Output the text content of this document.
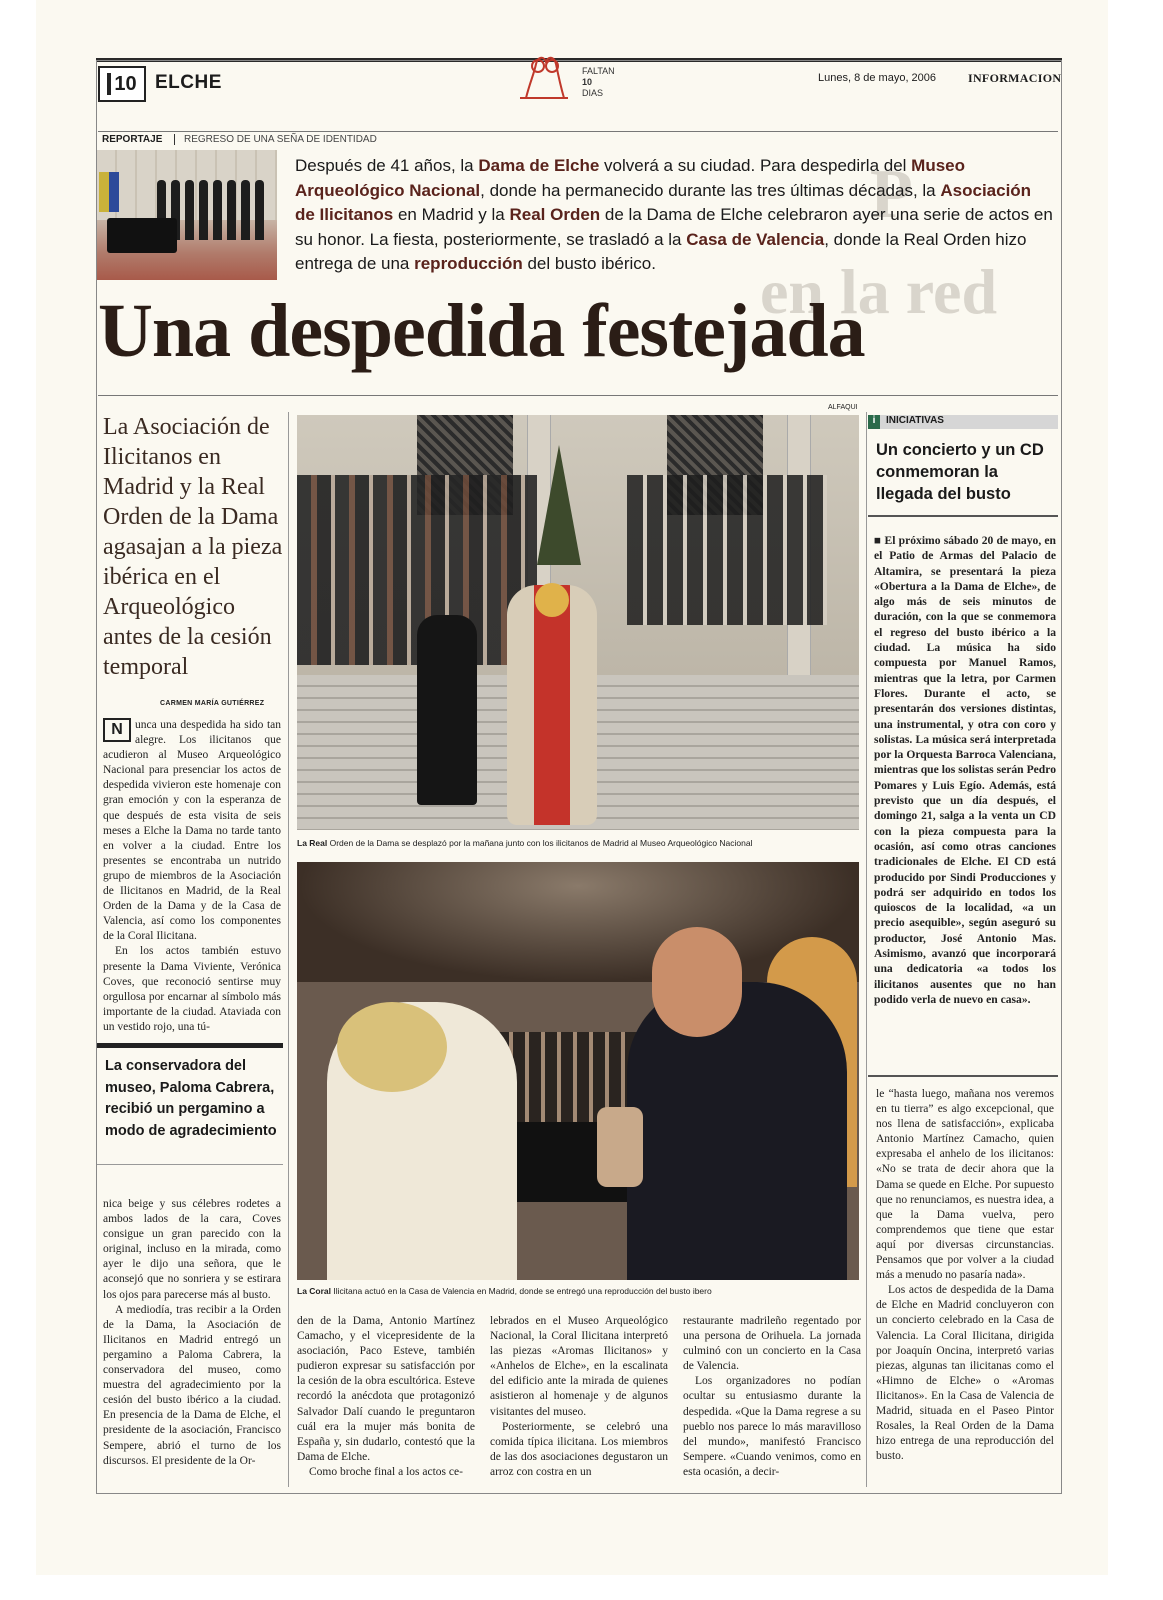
P
en la red
10 ELCHE
FALTAN
10
DIAS
Lunes, 8 de mayo, 2006	INFORMACION
REPORTAJE REGRESO DE UNA SEÑA DE IDENTIDAD
Después de 41 años, la Dama de Elche volverá a su ciudad. Para despedirla del Museo Arqueológico Nacional, donde ha permanecido durante las tres últimas décadas, la Asociación de Ilicitanos en Madrid y la Real Orden de la Dama de Elche celebraron ayer una serie de actos en su honor. La fiesta, posteriormente, se trasladó a la Casa de Valencia, donde la Real Orden hizo entrega de una reproducción del busto ibérico.
Una despedida festejada
ALFAQUI
La Asociación de Ilicitanos en Madrid y la Real Orden de la Dama agasajan a la pieza ibérica en el Arqueológico antes de la cesión temporal
CARMEN MARÍA GUTIÉRREZ
N	unca una despedida ha sido tan alegre. Los ilicitanos que acudieron al Museo Arqueológico Nacional para presenciar los actos de despedida vivieron este homenaje con gran emoción y con la esperanza de que después de esta visita de seis meses a Elche la Dama no tarde tanto en volver a la ciudad. Entre los presentes se encontraba un nutrido grupo de miembros de la Asociación de Ilicitanos en Madrid, de la Real Orden de la Dama y de la Casa de Valencia, así como los componentes de la Coral Ilicitana.
En los actos también estuvo presente la Dama Viviente, Verónica Coves, que reconoció sentirse muy orgullosa por encarnar al símbolo más importante de la ciudad. Ataviada con un vestido rojo, una tú-
La conservadora del museo, Paloma Cabrera, recibió un pergamino a modo de agradecimiento
nica beige y sus célebres rodetes a ambos lados de la cara, Coves consigue un gran parecido con la original, incluso en la mirada, como ayer le dijo una señora, que le aconsejó que no sonriera y se estirara los ojos para parecerse más al busto.
A mediodía, tras recibir a la Orden de la Dama, la Asociación de Ilicitanos en Madrid entregó un pergamino a Paloma Cabrera, la conservadora del museo, como muestra del agradecimiento por la cesión del busto ibérico a la ciudad. En presencia de la Dama de Elche, el presidente de la asociación, Francisco Sempere, abrió el turno de los discursos. El presidente de la Or-
La Real Orden de la Dama se desplazó por la mañana junto con los ilicitanos de Madrid al Museo Arqueológico Nacional
La Coral Ilicitana actuó en la Casa de Valencia en Madrid, donde se entregó una reproducción del busto ibero
den de la Dama, Antonio Martínez Camacho, y el vicepresidente de la asociación, Paco Esteve, también pudieron expresar su satisfacción por la cesión de la obra escultórica. Esteve recordó la anécdota que protagonizó Salvador Dalí cuando le preguntaron cuál era la mujer más bonita de España y, sin dudarlo, contestó que la Dama de Elche.
Como broche final a los actos ce-
lebrados en el Museo Arqueológico Nacional, la Coral Ilicitana interpretó las piezas «Aromas Ilicitanos» y «Anhelos de Elche», en la escalinata del edificio ante la mirada de quienes asistieron al homenaje y de algunos visitantes del museo.
Posteriormente, se celebró una comida típica ilicitana. Los miembros de las dos asociaciones degustaron un arroz con costra en un
restaurante madrileño regentado por una persona de Orihuela. La jornada culminó con un concierto en la Casa de Valencia.
Los organizadores no podían ocultar su entusiasmo durante la despedida. «Que la Dama regrese a su pueblo nos parece lo más maravilloso del mundo», manifestó Francisco Sempere. «Cuando venimos, como en esta ocasión, a decir-
le “hasta luego, mañana nos veremos en tu tierra” es algo excepcional, que nos llena de satisfacción», explicaba Antonio Martínez Camacho, quien expresaba el anhelo de los ilicitanos: «No se trata de decir ahora que la Dama se quede en Elche. Por supuesto que no renunciamos, es nuestra idea, a que la Dama vuelva, pero comprendemos que tiene que estar aquí por diversas circunstancias. Pensamos que por volver a la ciudad más a menudo no pasaría nada».
Los actos de despedida de la Dama de Elche en Madrid concluyeron con un concierto celebrado en la Casa de Valencia. La Coral Ilicitana, dirigida por Joaquín Oncina, interpretó varias piezas, algunas tan ilicitanas como el «Himno de Elche» o «Aromas Ilicitanos». En la Casa de Valencia de Madrid, situada en el Paseo Pintor Rosales, la Real Orden de la Dama hizo entrega de una reproducción del busto.
i INICIATIVAS
Un concierto y un CD conmemoran la llegada del busto
■ El próximo sábado 20 de mayo, en el Patio de Armas del Palacio de Altamira, se presentará la pieza «Obertura a la Dama de Elche», de algo más de seis minutos de duración, con la que se conmemora el regreso del busto ibérico a la ciudad. La música ha sido compuesta por Manuel Ramos, mientras que la letra, por Carmen Flores. Durante el acto, se presentarán dos versiones distintas, una instrumental, y otra con coro y solistas. La música será interpretada por la Orquesta Barroca Valenciana, mientras que los solistas serán Pedro Pomares y Luis Egío. Además, está previsto que un día después, el domingo 21, salga a la venta un CD con la pieza compuesta para la ocasión, así como otras canciones tradicionales de Elche. El CD está producido por Sindi Producciones y podrá ser adquirido en todos los quioscos de la localidad, «a un precio asequible», según aseguró su productor, José Antonio Mas. Asimismo, avanzó que incorporará una dedicatoria «a todos los ilicitanos ausentes que no han podido verla de nuevo en casa».
